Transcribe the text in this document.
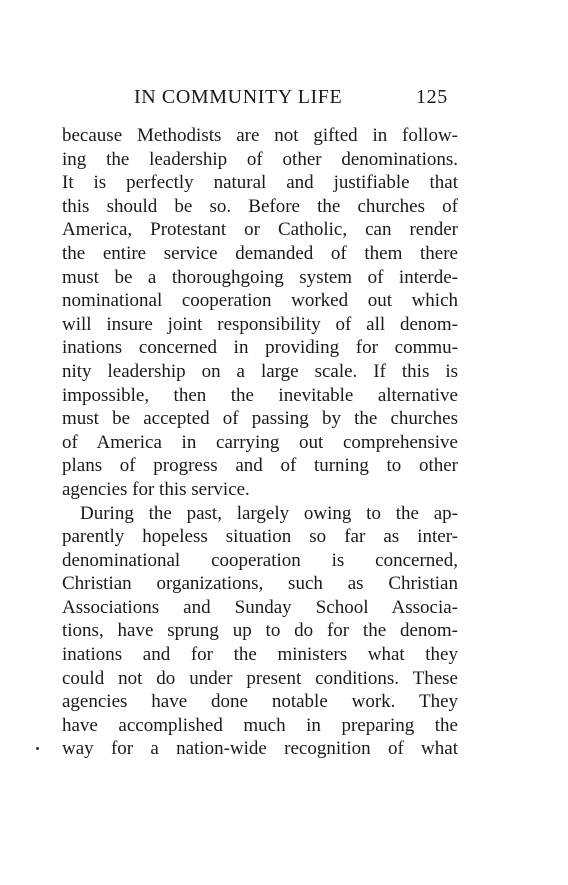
IN COMMUNITY LIFE	125
because Methodists are not gifted in follow-
ing the leadership of other denominations.
It is perfectly natural and justifiable that
this should be so. Before the churches of
America, Protestant or Catholic, can render
the entire service demanded of them there
must be a thoroughgoing system of interde-
nominational cooperation worked out which
will insure joint responsibility of all denom-
inations concerned in providing for commu-
nity leadership on a large scale. If this is
impossible, then the inevitable alternative
must be accepted of passing by the churches
of America in carrying out comprehensive
plans of progress and of turning to other
agencies for this service.
During the past, largely owing to the ap-
parently hopeless situation so far as inter-
denominational cooperation is concerned,
Christian organizations, such as Christian
Associations and Sunday School Associa-
tions, have sprung up to do for the denom-
inations and for the ministers what they
could not do under present conditions. These
agencies have done notable work. They
have accomplished much in preparing the
way for a nation-wide recognition of what
